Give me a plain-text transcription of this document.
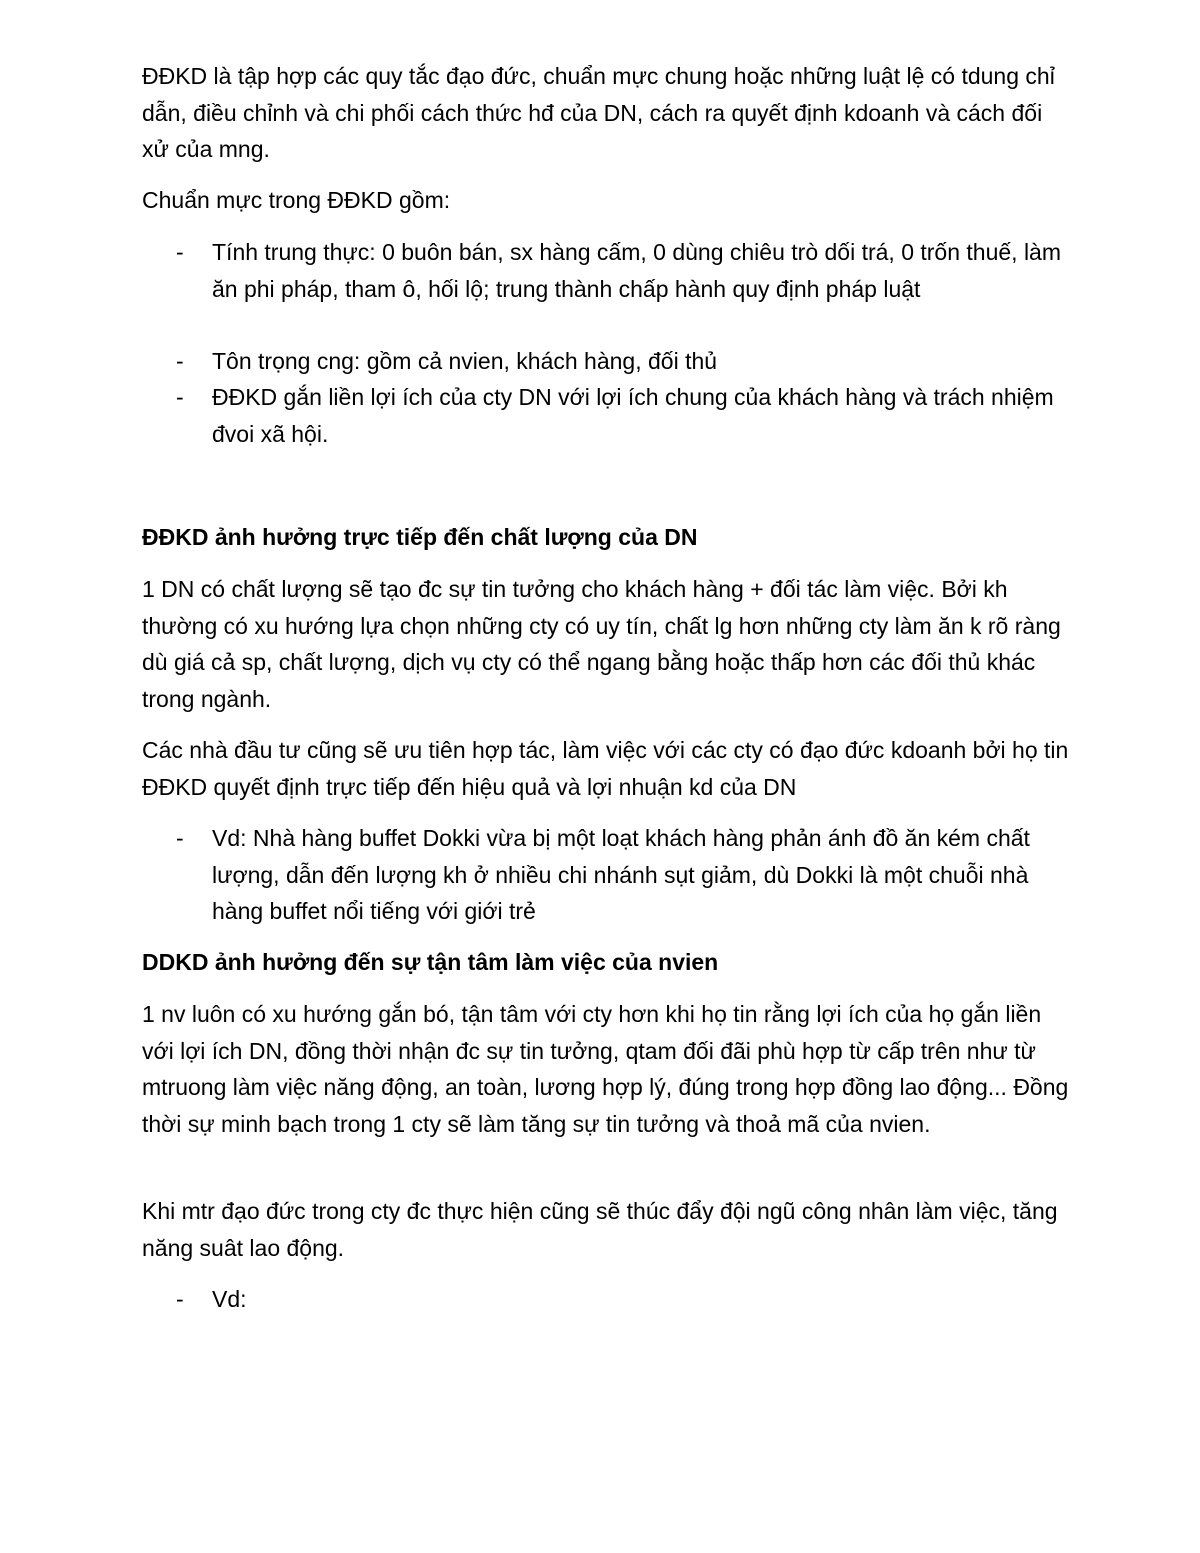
ĐĐKD là tập hợp các quy tắc đạo đức, chuẩn mực chung hoặc những luật lệ có tdung chỉ dẫn, điều chỉnh và chi phối cách thức hđ của DN, cách ra quyết định kdoanh và cách đối xử của mng.

Chuẩn mực trong ĐĐKD gồm:

- Tính trung thực: 0 buôn bán, sx hàng cấm, 0 dùng chiêu trò dối trá, 0 trốn thuế, làm ăn phi pháp, tham ô, hối lộ; trung thành chấp hành quy định pháp luật
- Tôn trọng cng: gồm cả nvien, khách hàng, đối thủ
- ĐĐKD gắn liền lợi ích của cty DN với lợi ích chung của khách hàng và trách nhiệm đvoi xã hội.

ĐĐKD ảnh hưởng trực tiếp đến chất lượng của DN

1 DN có chất lượng sẽ tạo đc sự tin tưởng cho khách hàng + đối tác làm việc. Bởi kh thường có xu hướng lựa chọn những cty có uy tín, chất lg hơn những cty làm ăn k rõ ràng dù giá cả sp, chất lượng, dịch vụ cty có thể ngang bằng hoặc thấp hơn các đối thủ khác trong ngành.

Các nhà đầu tư cũng sẽ ưu tiên hợp tác, làm việc với các cty có đạo đức kdoanh bởi họ tin ĐĐKD quyết định trực tiếp đến hiệu quả và lợi nhuận kd của DN

- Vd: Nhà hàng buffet Dokki vừa bị một loạt khách hàng phản ánh đồ ăn kém chất lượng, dẫn đến lượng kh ở nhiều chi nhánh sụt giảm, dù Dokki là một chuỗi nhà hàng buffet nổi tiếng với giới trẻ

DDKD ảnh hưởng đến sự tận tâm làm việc của nvien

1 nv luôn có xu hướng gắn bó, tận tâm với cty hơn khi họ tin rằng lợi ích của họ gắn liền với lợi ích DN, đồng thời nhận đc sự tin tưởng, qtam đối đãi phù hợp từ cấp trên như từ mtruong làm việc năng động, an toàn, lương hợp lý, đúng trong hợp đồng lao động... Đồng thời sự minh bạch trong 1 cty sẽ làm tăng sự tin tưởng và thoả mã của nvien.

Khi mtr đạo đức trong cty đc thực hiện cũng sẽ thúc đẩy đội ngũ công nhân làm việc, tăng năng suât lao động.

- Vd:
